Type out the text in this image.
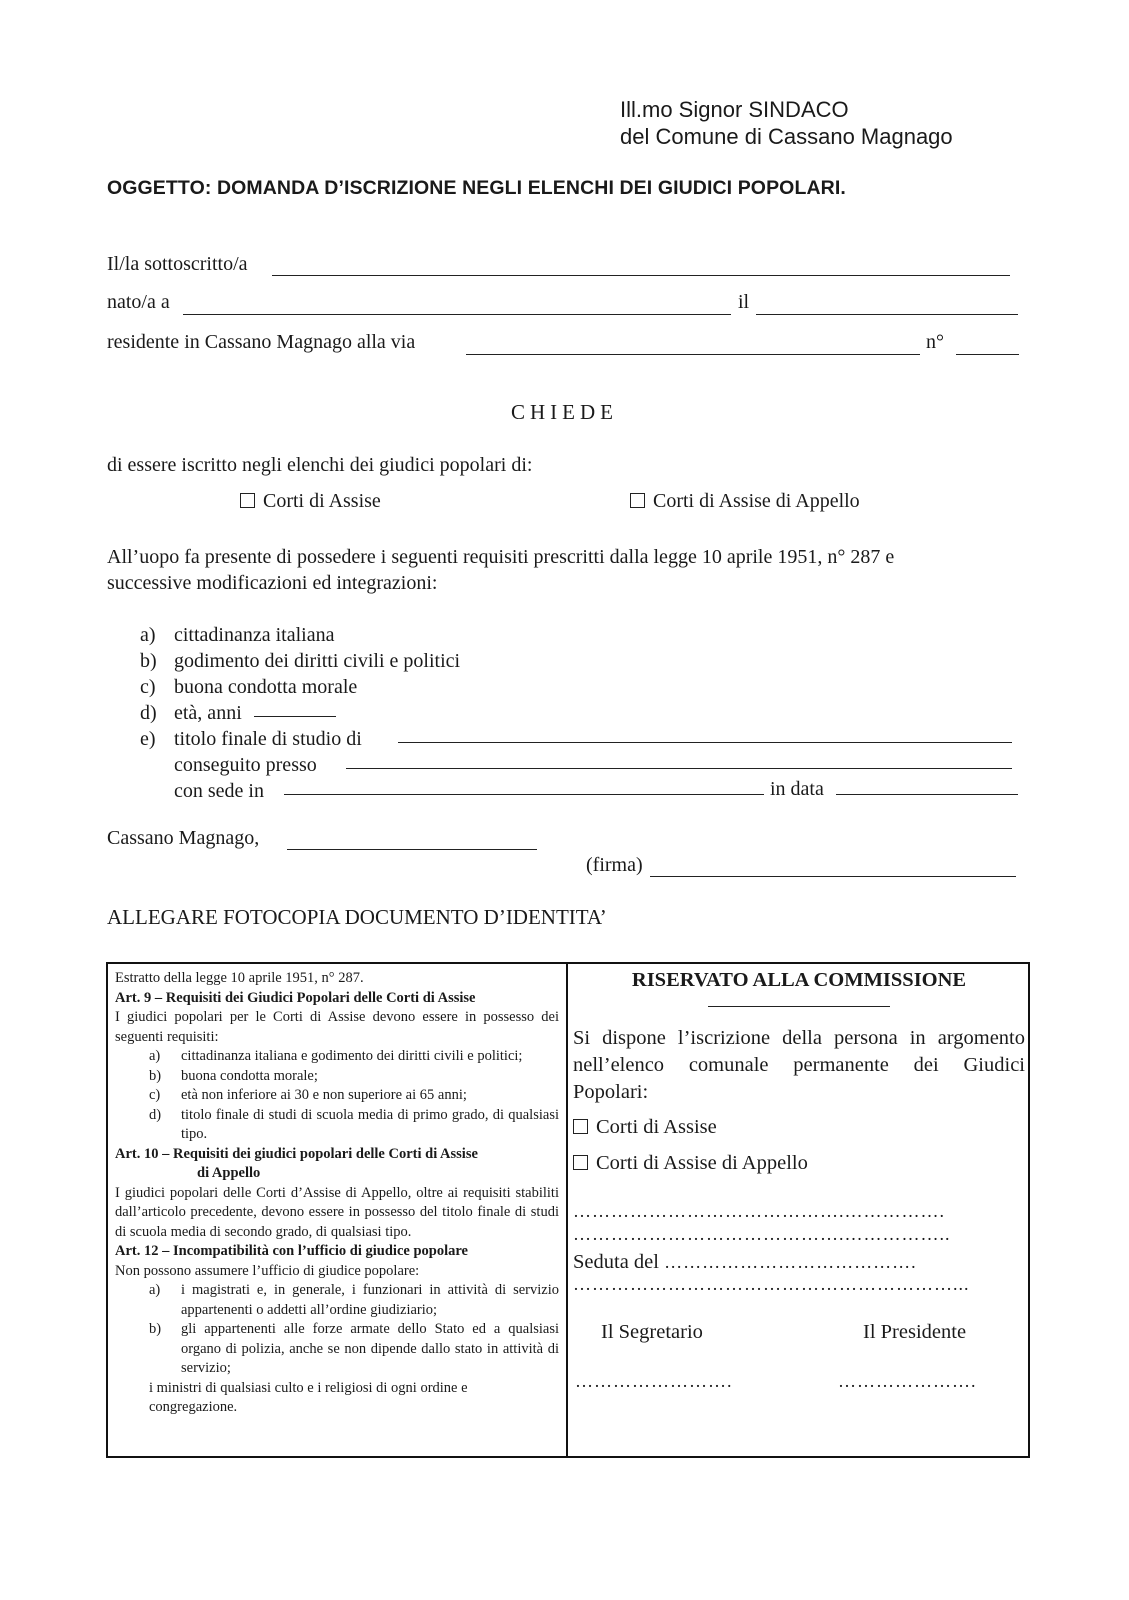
Ill.mo Signor SINDACO
del Comune di Cassano Magnago
OGGETTO: DOMANDA D’ISCRIZIONE NEGLI ELENCHI DEI GIUDICI POPOLARI.
Il/la sottoscritto/a
nato/a a	il
residente in Cassano Magnago alla via	n°
CHIEDE
di essere iscritto negli elenchi dei giudici popolari di:
Corti di Assise	Corti di Assise di Appello
All’uopo fa presente di possedere i seguenti requisiti prescritti dalla legge 10 aprile 1951, n° 287 e
successive modificazioni ed integrazioni:
a) cittadinanza italiana
b) godimento dei diritti civili e politici
c) buona condotta morale
d) età, anni
e) titolo finale di studio di
conseguito presso
con sede in	in data
Cassano Magnago,
(firma)
ALLEGARE FOTOCOPIA DOCUMENTO D’IDENTITA’

Estratto della legge 10 aprile 1951, n° 287.

Art. 9 – Requisiti dei Giudici Popolari delle Corti di Assise

I giudici popolari per le Corti di Assise devono essere in possesso dei seguenti requisiti:

a)	cittadinanza italiana e godimento dei diritti civili e politici;
b)	buona condotta morale;
c)	età non inferiore ai 30 e non superiore ai 65 anni;
d)	titolo finale di studi di scuola media di primo grado, di qualsiasi tipo.

Art. 10 – Requisiti dei giudici popolari delle Corti di Assise

di Appello

I giudici popolari delle Corti d’Assise di Appello, oltre ai requisiti stabiliti dall’articolo precedente, devono essere in possesso del titolo finale di studi di scuola media di secondo grado, di qualsiasi tipo.

Art. 12 – Incompatibilità con l’ufficio di giudice popolare

Non possono assumere l’ufficio di giudice popolare:

a)	i magistrati e, in generale, i funzionari in attività di servizio appartenenti o addetti all’ordine giudiziario;
b)	gli appartenenti alle forze armate dello Stato ed a qualsiasi organo di polizia, anche se non dipende dallo stato in attività di servizio;

i ministri di qualsiasi culto e i religiosi di ogni ordine e congregazione.

RISERVATO ALLA COMMISSIONE
Si dispone l’iscrizione della persona in argomento nell’elenco comunale permanente dei Giudici Popolari:
Corti di Assise
Corti di Assise di Appello
…………………………………….…………….
…………………………………….……………..
Seduta del ………………………………….
……………………………………………………...
Il Segretario	Il Presidente
…………………….	………………….
